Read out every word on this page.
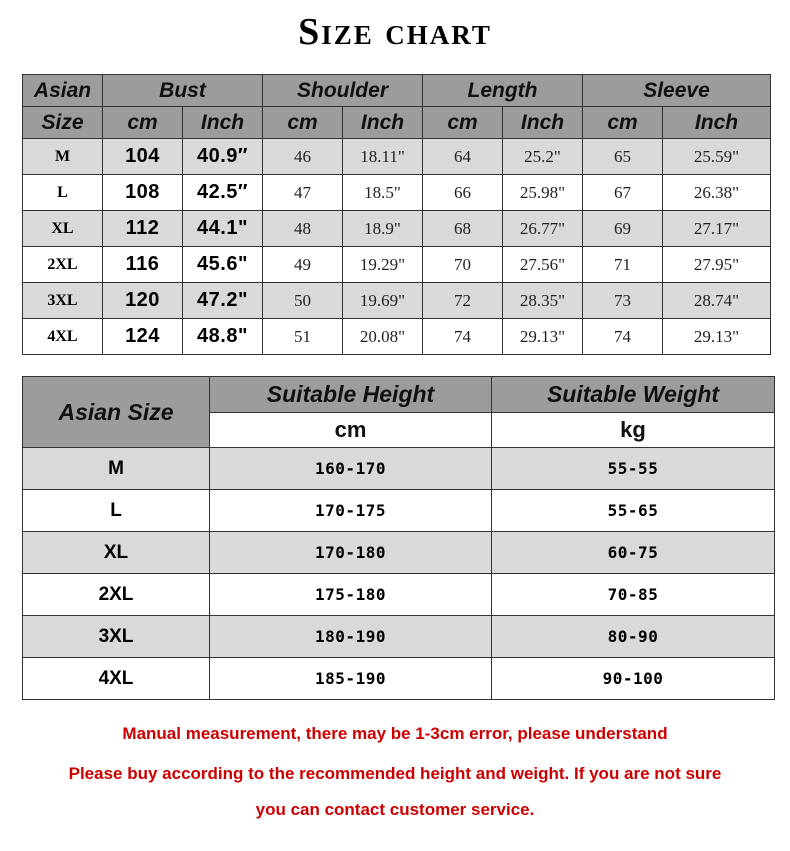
Size chart
Asian	Bust		Shoulder		Length		Sleeve	
Size	cm	Inch	cm	Inch	cm	Inch	cm	Inch
M	104	40.9″	46	18.11"	64	25.2"	65	25.59"
L	108	42.5″	47	18.5"	66	25.98"	67	26.38"
XL	112	44.1"	48	18.9"	68	26.77"	69	27.17"
2XL	116	45.6"	49	19.29"	70	27.56"	71	27.95"
3XL	120	47.2"	50	19.69"	72	28.35"	73	28.74"
4XL	124	48.8"	51	20.08"	74	29.13"	74	29.13"
Asian Size	Suitable Height	Suitable Weight
	cm	kg
M	160-170	55-55
L	170-175	55-65
XL	170-180	60-75
2XL	175-180	70-85
3XL	180-190	80-90
4XL	185-190	90-100
Manual measurement, there may be 1-3cm error, please understand
Please buy according to the recommended height and weight. If you are not sure
you can contact customer service.
